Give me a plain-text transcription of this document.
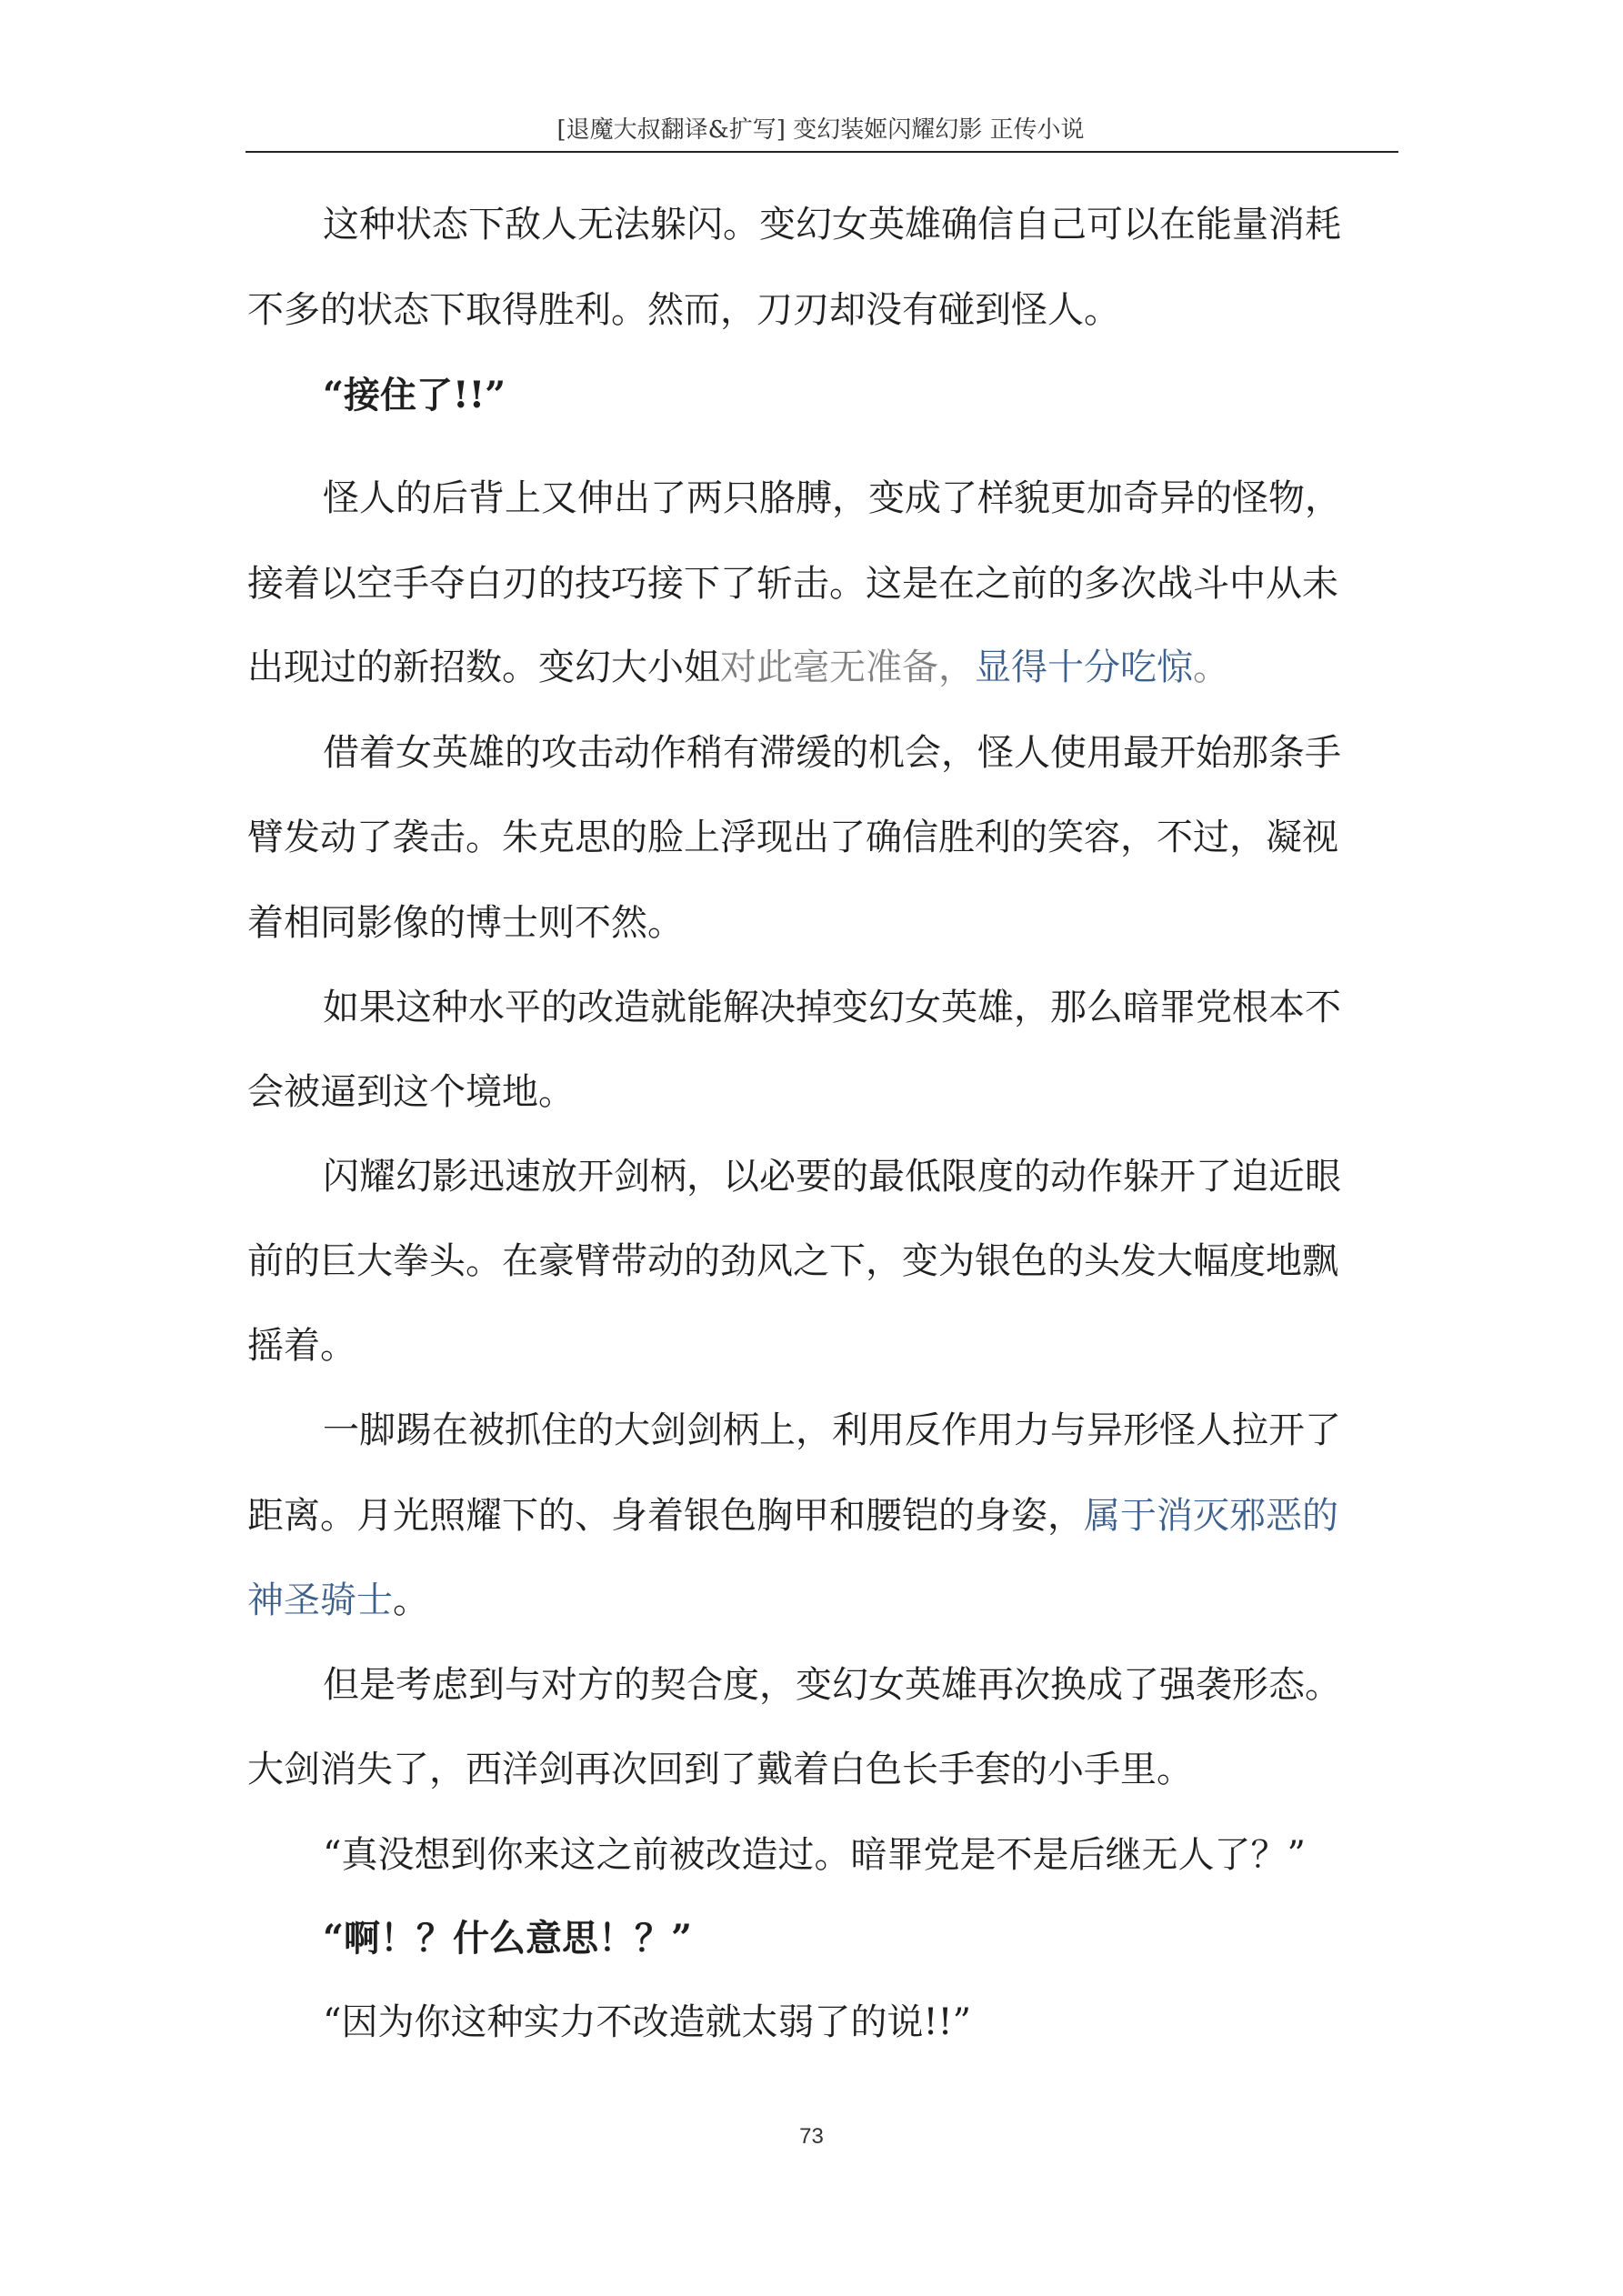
[退魔大叔翻译&扩写] 变幻装姬闪耀幻影 正传小说
这种状态下敌人无法躲闪。变幻女英雄确信自己可以在能量消耗
不多的状态下取得胜利。然而，刀刃却没有碰到怪人。
“接住了!!”
怪人的后背上又伸出了两只胳膊，变成了样貌更加奇异的怪物，
接着以空手夺白刃的技巧接下了斩击。这是在之前的多次战斗中从未
出现过的新招数。变幻大小姐对此毫无准备，显得十分吃惊。
借着女英雄的攻击动作稍有滞缓的机会，怪人使用最开始那条手
臂发动了袭击。朱克思的脸上浮现出了确信胜利的笑容，不过，凝视
着相同影像的博士则不然。
如果这种水平的改造就能解决掉变幻女英雄，那么暗罪党根本不
会被逼到这个境地。
闪耀幻影迅速放开剑柄，以必要的最低限度的动作躲开了迫近眼
前的巨大拳头。在豪臂带动的劲风之下，变为银色的头发大幅度地飘
摇着。
一脚踢在被抓住的大剑剑柄上，利用反作用力与异形怪人拉开了
距离。月光照耀下的、身着银色胸甲和腰铠的身姿，属于消灭邪恶的
神圣骑士。
但是考虑到与对方的契合度，变幻女英雄再次换成了强袭形态。
大剑消失了，西洋剑再次回到了戴着白色长手套的小手里。
“真没想到你来这之前被改造过。暗罪党是不是后继无人了？”
“啊！？什么意思！？”
“因为你这种实力不改造就太弱了的说!!”
73
